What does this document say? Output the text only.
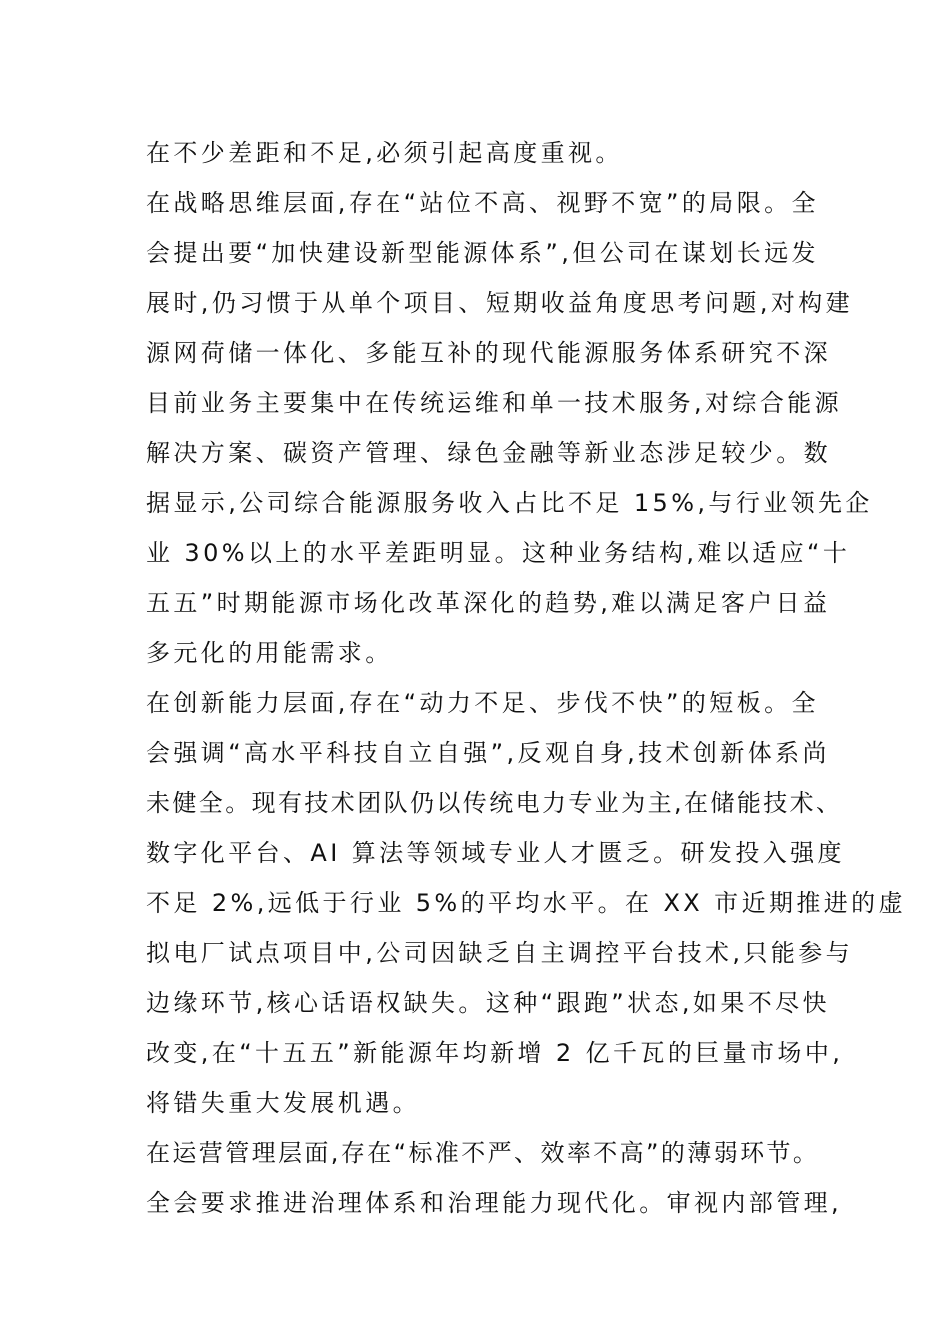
在不少差距和不足,必须引起高度重视。
在战略思维层面,存在“站位不高、视野不宽”的局限。全
会提出要“加快建设新型能源体系”,但公司在谋划长远发
展时,仍习惯于从单个项目、短期收益角度思考问题,对构建
源网荷储一体化、多能互补的现代能源服务体系研究不深
目前业务主要集中在传统运维和单一技术服务,对综合能源
解决方案、碳资产管理、绿色金融等新业态涉足较少。数
据显示,公司综合能源服务收入占比不足 15%,与行业领先企
业 30%以上的水平差距明显。这种业务结构,难以适应“十
五五”时期能源市场化改革深化的趋势,难以满足客户日益
多元化的用能需求。
在创新能力层面,存在“动力不足、步伐不快”的短板。全
会强调“高水平科技自立自强”,反观自身,技术创新体系尚
未健全。现有技术团队仍以传统电力专业为主,在储能技术、
数字化平台、AI 算法等领域专业人才匮乏。研发投入强度
不足 2%,远低于行业 5%的平均水平。在 XX 市近期推进的虚
拟电厂试点项目中,公司因缺乏自主调控平台技术,只能参与
边缘环节,核心话语权缺失。这种“跟跑”状态,如果不尽快
改变,在“十五五”新能源年均新增 2 亿千瓦的巨量市场中,
将错失重大发展机遇。
在运营管理层面,存在“标准不严、效率不高”的薄弱环节。
全会要求推进治理体系和治理能力现代化。审视内部管理,
